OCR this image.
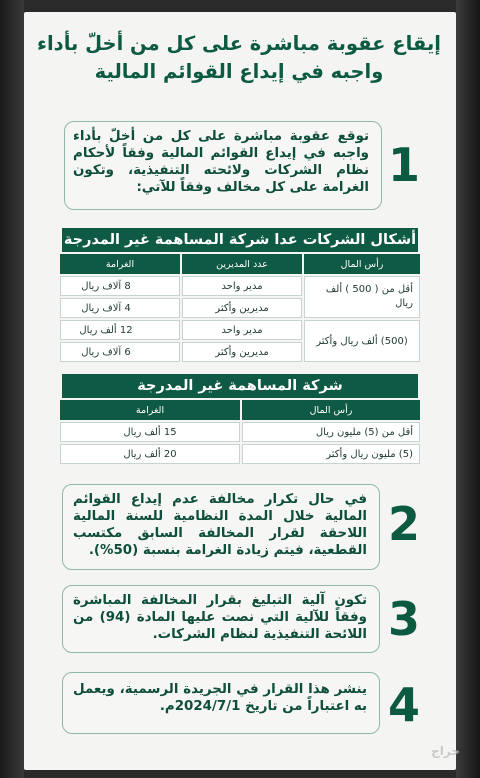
إيقاع عقوبة مباشرة على كل من أخلّ بأداء
واجبه في إيداع القوائم المالية
توقع عقوبة مباشرة على كل من أخلّ بأداء واجبه في إيداع القوائم المالية وفقاً لأحكام نظام الشركات ولائحته التنفيذية، وتكون الغرامة على كل مخالف وفقاً للآتي: 1
أشكال الشركات عدا شركة المساهمة غير المدرجة
رأس المال	عدد المديرين	الغرامة
أقل من ( 500 ) ألف ريال	مدير واحد	8 آلاف ريال
	مديرين وأكثر	4 آلاف ريال
(500) ألف ريال وأكثر	مدير واحد	12 ألف ريال
	مديرين وأكثر	6 آلاف ريال
شركة المساهمة غير المدرجة
رأس المال	الغرامة
أقل من (5) مليون ريال	15 ألف ريال
(5) مليون ريال وأكثر	20 ألف ريال
في حال تكرار مخالفة عدم إيداع القوائم المالية خلال المدة النظامية للسنة المالية اللاحقة لقرار المخالفة السابق مكتسب القطعية، فيتم زيادة الغرامة بنسبة (50%). 2
تكون آلية التبليغ بقرار المخالفة المباشرة وفقاً للآلية التي نصت عليها المادة (94) من اللائحة التنفيذية لنظام الشركات. 3
ينشر هذا القرار في الجريدة الرسمية، ويعمل به اعتباراً من تاريخ 2024/7/1م. 4
حراج
